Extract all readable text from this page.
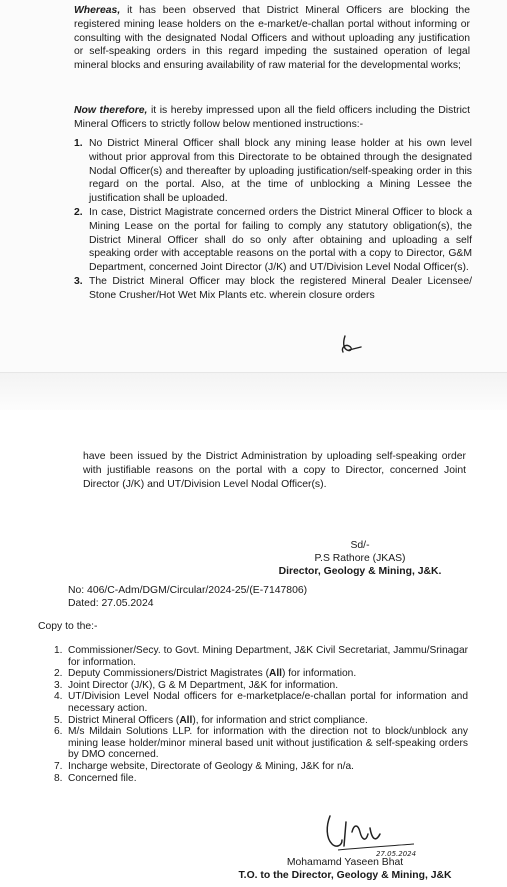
Whereas, it has been observed that District Mineral Officers are blocking the registered mining lease holders on the e-market/e-challan portal without informing or consulting with the designated Nodal Officers and without uploading any justification or self-speaking orders in this regard impeding the sustained operation of legal mineral blocks and ensuring availability of raw material for the developmental works;

Now therefore, it is hereby impressed upon all the field officers including the District Mineral Officers to strictly follow below mentioned instructions:-

1. No District Mineral Officer shall block any mining lease holder at his own level without prior approval from this Directorate to be obtained through the designated Nodal Officer(s) and thereafter by uploading justification/self-speaking order in this regard on the portal. Also, at the time of unblocking a Mining Lessee the justification shall be uploaded.
2. In case, District Magistrate concerned orders the District Mineral Officer to block a Mining Lease on the portal for failing to comply any statutory obligation(s), the District Mineral Officer shall do so only after obtaining and uploading a self speaking order with acceptable reasons on the portal with a copy to Director, G&M Department, concerned Joint Director (J/K) and UT/Division Level Nodal Officer(s).
3. The District Mineral Officer may block the registered Mineral Dealer Licensee/ Stone Crusher/Hot Wet Mix Plants etc. wherein closure orders

have been issued by the District Administration by uploading self-speaking order with justifiable reasons on the portal with a copy to Director, concerned Joint Director (J/K) and UT/Division Level Nodal Officer(s).

Sd/-
P.S Rathore (JKAS)
Director, Geology & Mining, J&K.
No: 406/C-Adm/DGM/Circular/2024-25/(E-7147806)
Dated: 27.05.2024
Copy to the:-
1. Commissioner/Secy. to Govt. Mining Department, J&K Civil Secretariat, Jammu/Srinagar for information.
2. Deputy Commissioners/District Magistrates (All) for information.
3. Joint Director (J/K), G & M Department, J&K for information.
4. UT/Division Level Nodal officers for e-marketplace/e-challan portal for information and necessary action.
5. District Mineral Officers (All), for information and strict compliance.
6. M/s Mildain Solutions LLP. for information with the direction not to block/unblock any mining lease holder/minor mineral based unit without justification & self-speaking orders by DMO concerned.
7. Incharge website, Directorate of Geology & Mining, J&K for n/a.
8. Concerned file.
27.05.2024
Mohamamd Yaseen Bhat
T.O. to the Director, Geology & Mining, J&K
